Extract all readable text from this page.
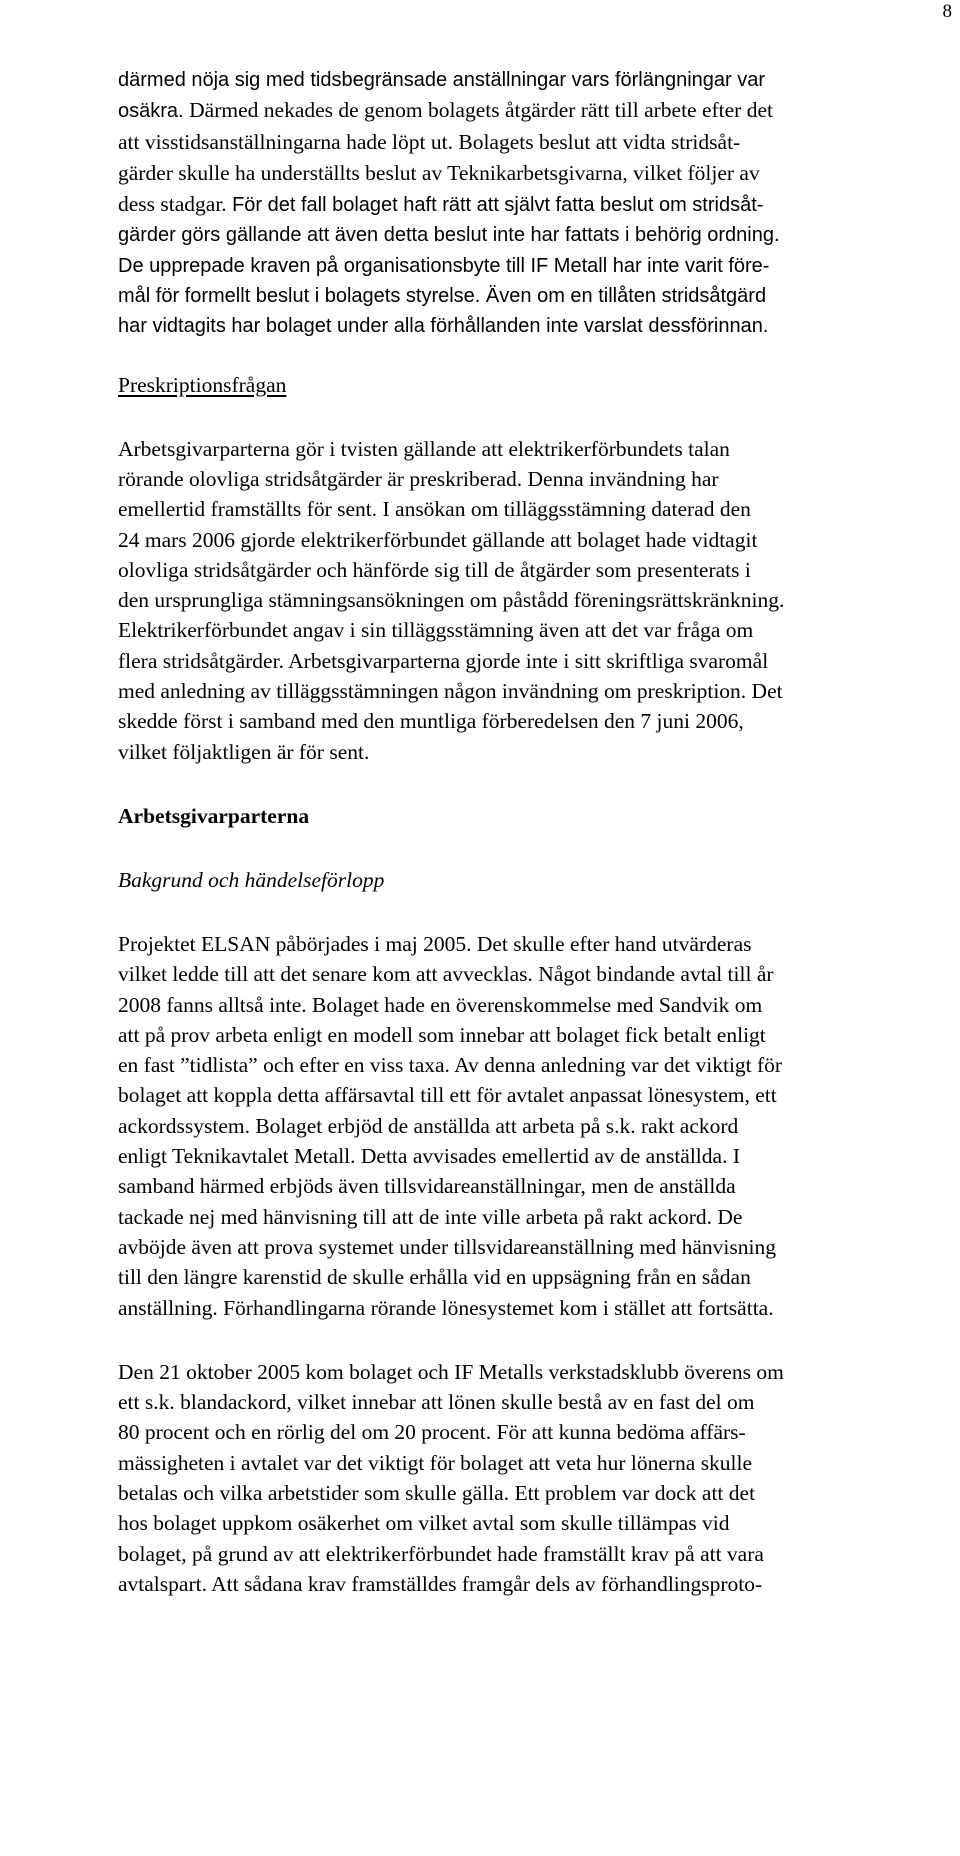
8
därmed nöja sig med tidsbegränsade anställningar vars förlängningar var
osäkra. Därmed nekades de genom bolagets åtgärder rätt till arbete efter det
att visstidsanställningarna hade löpt ut. Bolagets beslut att vidta stridsåt-
gärder skulle ha underställts beslut av Teknikarbetsgivarna, vilket följer av
dess stadgar. För det fall bolaget haft rätt att självt fatta beslut om stridsåt-
gärder görs gällande att även detta beslut inte har fattats i behörig ordning.
De upprepade kraven på organisationsbyte till IF Metall har inte varit före-
mål för formellt beslut i bolagets styrelse. Även om en tillåten stridsåtgärd
har vidtagits har bolaget under alla förhållanden inte varslat dessförinnan.
Preskriptionsfrågan
Arbetsgivarparterna gör i tvisten gällande att elektrikerförbundets talan
rörande olovliga stridsåtgärder är preskriberad. Denna invändning har
emellertid framställts för sent. I ansökan om tilläggsstämning daterad den
24 mars 2006 gjorde elektrikerförbundet gällande att bolaget hade vidtagit
olovliga stridsåtgärder och hänförde sig till de åtgärder som presenterats i
den ursprungliga stämningsansökningen om påstådd föreningsrättskränkning.
Elektrikerförbundet angav i sin tilläggsstämning även att det var fråga om
flera stridsåtgärder. Arbetsgivarparterna gjorde inte i sitt skriftliga svaromål
med anledning av tilläggsstämningen någon invändning om preskription. Det
skedde först i samband med den muntliga förberedelsen den 7 juni 2006,
vilket följaktligen är för sent.
Arbetsgivarparterna
Bakgrund och händelseförlopp
Projektet ELSAN påbörjades i maj 2005. Det skulle efter hand utvärderas
vilket ledde till att det senare kom att avvecklas. Något bindande avtal till år
2008 fanns alltså inte. Bolaget hade en överenskommelse med Sandvik om
att på prov arbeta enligt en modell som innebar att bolaget fick betalt enligt
en fast ”tidlista” och efter en viss taxa. Av denna anledning var det viktigt för
bolaget att koppla detta affärsavtal till ett för avtalet anpassat lönesystem, ett
ackordssystem. Bolaget erbjöd de anställda att arbeta på s.k. rakt ackord
enligt Teknikavtalet Metall. Detta avvisades emellertid av de anställda. I
samband härmed erbjöds även tillsvidareanställningar, men de anställda
tackade nej med hänvisning till att de inte ville arbeta på rakt ackord. De
avböjde även att prova systemet under tillsvidareanställning med hänvisning
till den längre karenstid de skulle erhålla vid en uppsägning från en sådan
anställning. Förhandlingarna rörande lönesystemet kom i stället att fortsätta.
Den 21 oktober 2005 kom bolaget och IF Metalls verkstadsklubb överens om
ett s.k. blandackord, vilket innebar att lönen skulle bestå av en fast del om
80 procent och en rörlig del om 20 procent. För att kunna bedöma affärs-
mässigheten i avtalet var det viktigt för bolaget att veta hur lönerna skulle
betalas och vilka arbetstider som skulle gälla. Ett problem var dock att det
hos bolaget uppkom osäkerhet om vilket avtal som skulle tillämpas vid
bolaget, på grund av att elektrikerförbundet hade framställt krav på att vara
avtalspart. Att sådana krav framställdes framgår dels av förhandlingsproto-
